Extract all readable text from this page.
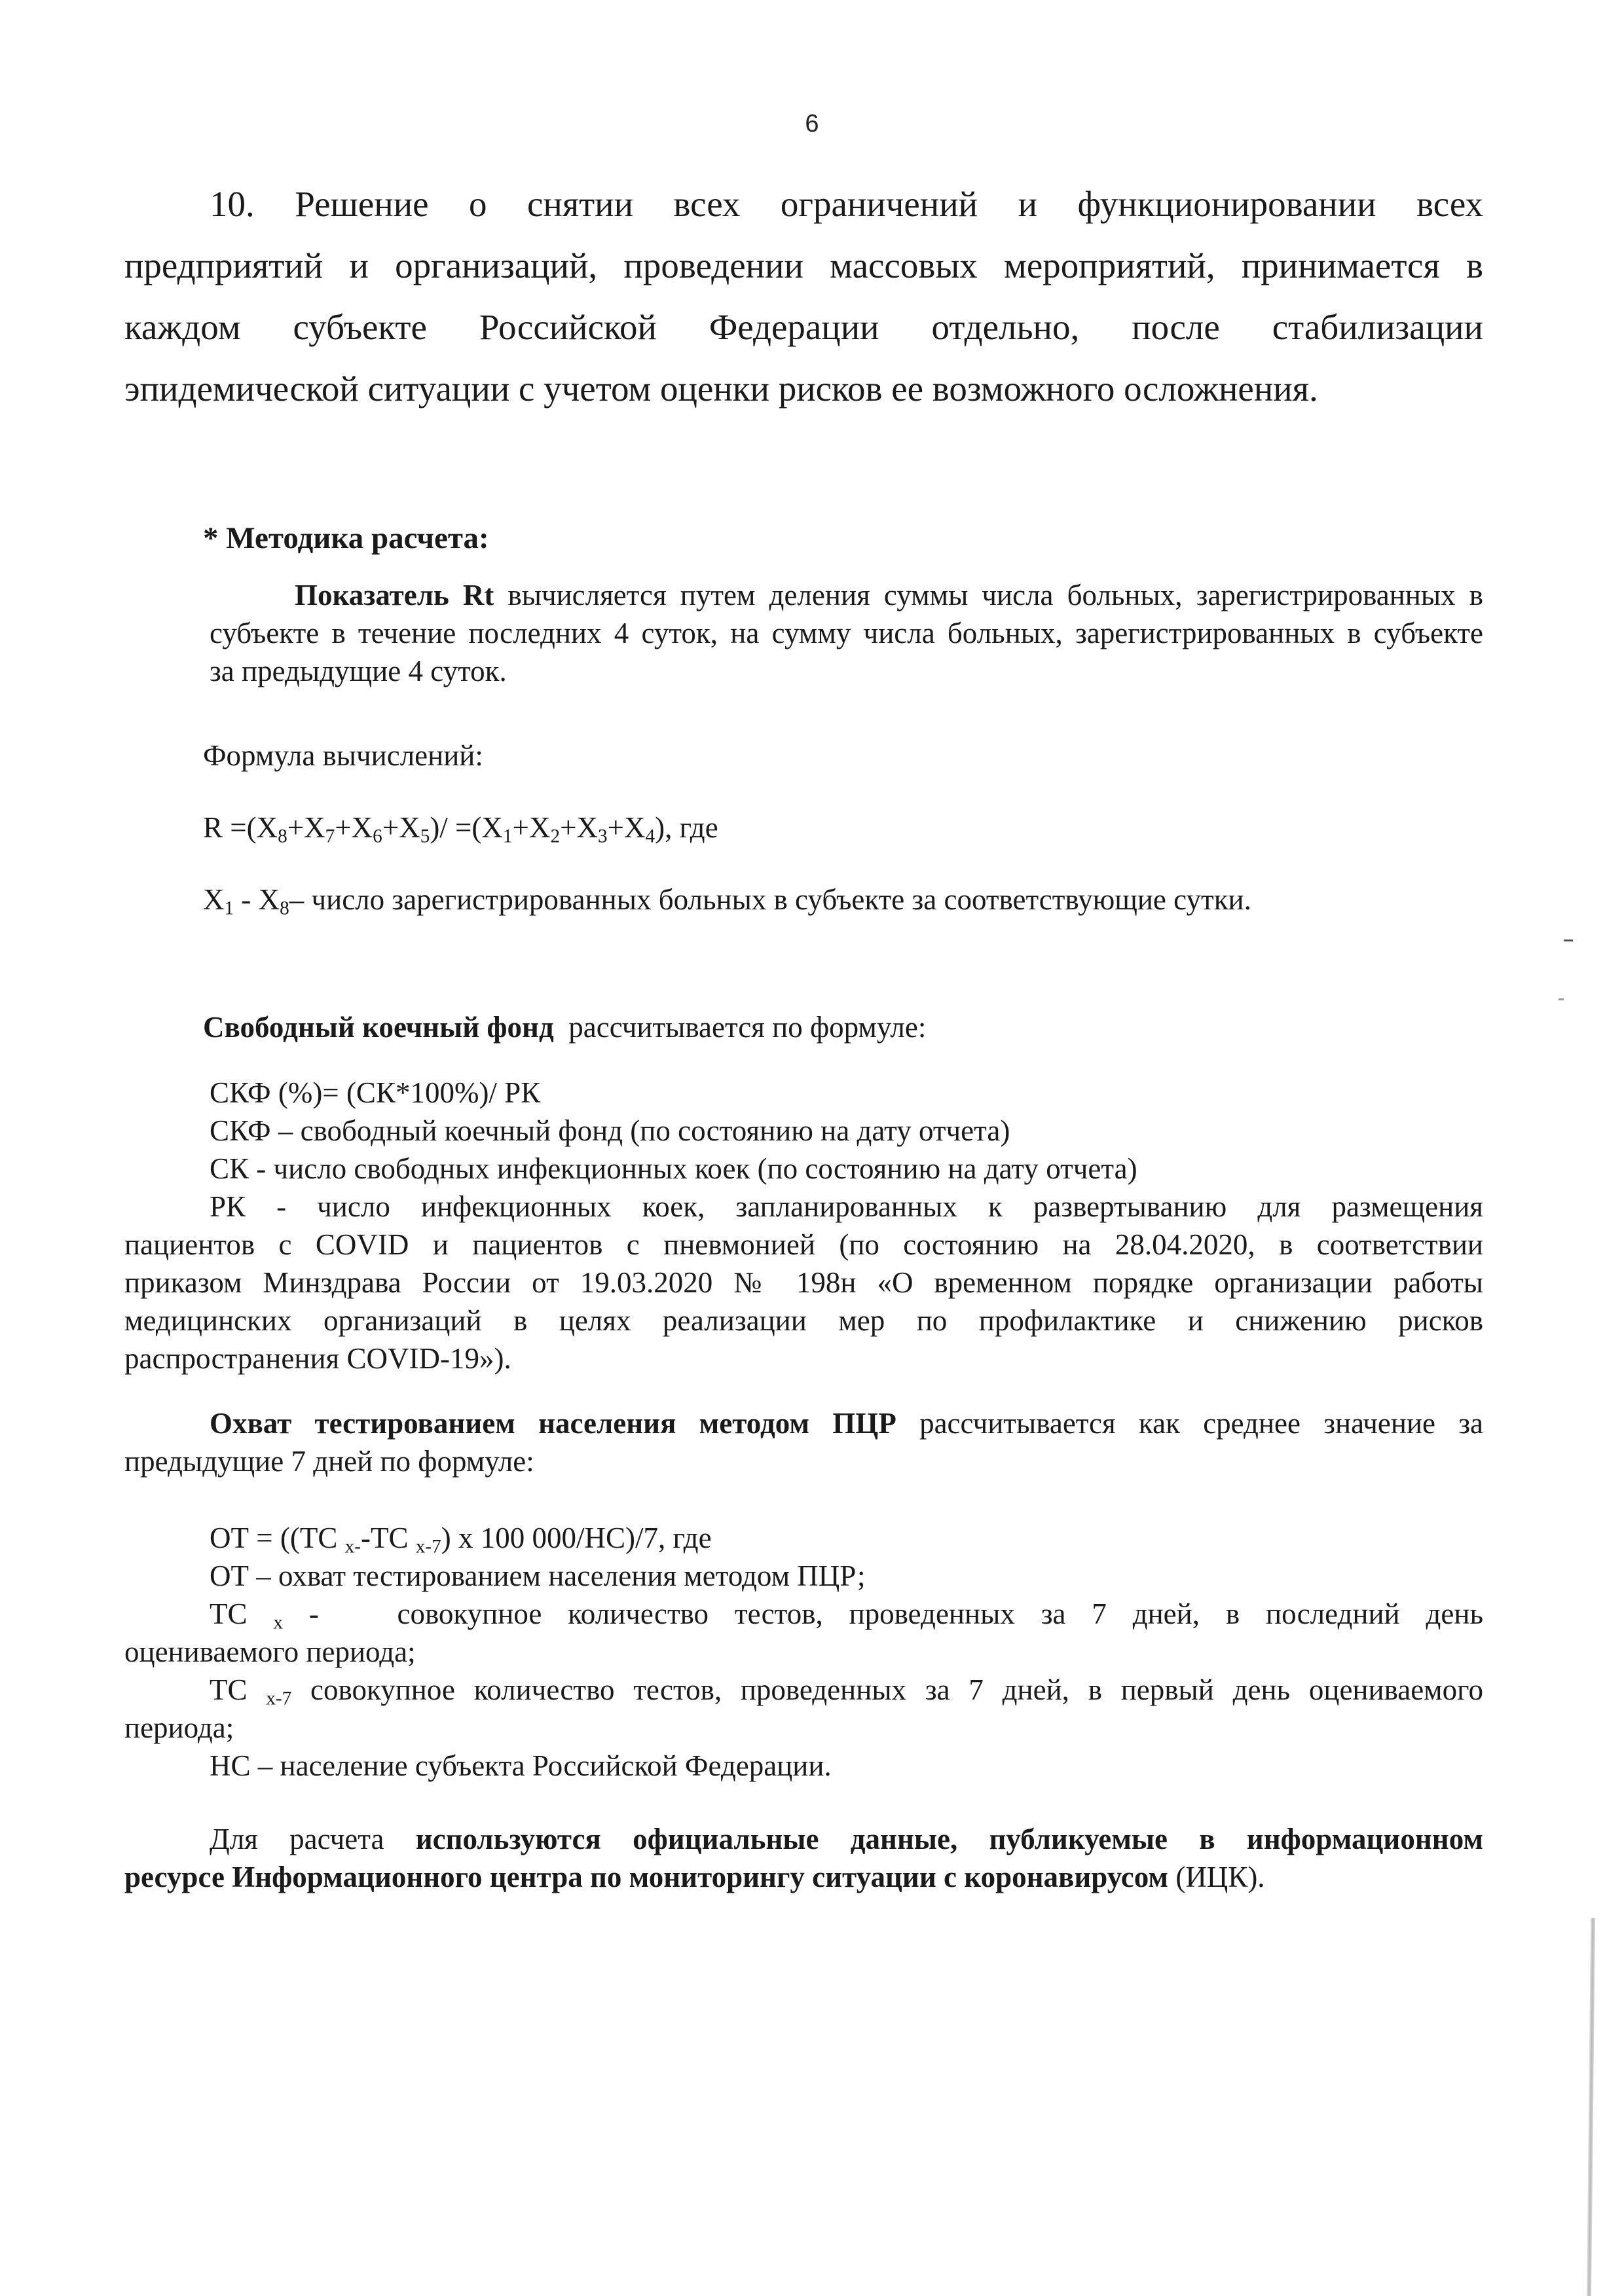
6
10. Решение о снятии всех ограничений и функционировании всех
предприятий и организаций, проведении массовых мероприятий, принимается в
каждом субъекте Российской Федерации отдельно, после стабилизации
эпидемической ситуации с учетом оценки рисков ее возможного осложнения.
* Методика расчета:
Показатель Rt вычисляется путем деления суммы числа больных, зарегистрированных в
субъекте в течение последних 4 суток, на сумму числа больных, зарегистрированных в субъекте
за предыдущие 4 суток.
Формула вычислений:
$R =(X_8+X_7+X_6+X_5)/ =(X_1+X_2+X_3+X_4)$, где
$X_1 - X_8-$ число зарегистрированных больных в субъекте за соответствующие сутки.
Свободный коечный фонд  рассчитывается по формуле:
СКФ (%)= (СК*100%)/ РК
СКФ – свободный коечный фонд (по состоянию на дату отчета)
СК - число свободных инфекционных коек (по состоянию на дату отчета)
РК - число инфекционных коек, запланированных к развертыванию для размещения
пациентов с COVID и пациентов с пневмонией (по состоянию на 28.04.2020, в соответствии
приказом Минздрава России от 19.03.2020 № 198н «О временном порядке организации работы
медицинских организаций в целях реализации мер по профилактике и снижению рисков
распространения COVID-19»).
Охват тестированием населения методом ПЦР рассчитывается как среднее значение за
предыдущие 7 дней по формуле:
ОТ = ((ТС $_{x-}$-ТС $_{x-7}$) x 100 000/НС)/7, где
ОТ – охват тестированием населения методом ПЦР;
ТС $_x$ -   совокупное количество тестов, проведенных за 7 дней, в последний день
оцениваемого периода;
ТС $_{x-7}$ совокупное количество тестов, проведенных за 7 дней, в первый день оцениваемого
периода;
НС – население субъекта Российской Федерации.
Для расчета используются официальные данные, публикуемые в информационном
ресурсе Информационного центра по мониторингу ситуации с коронавирусом (ИЦК).
